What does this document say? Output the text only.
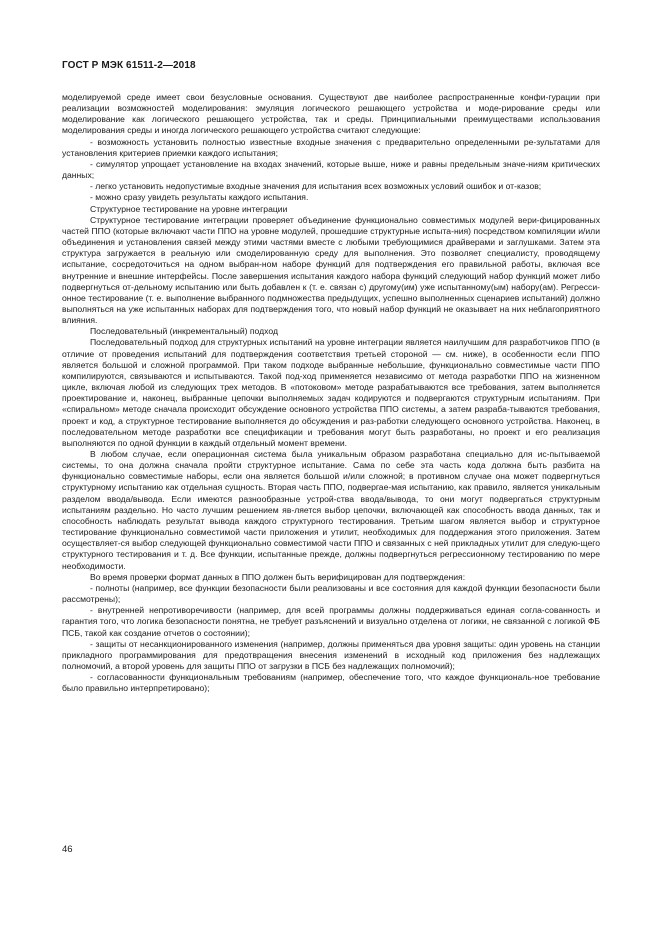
ГОСТ Р МЭК 61511-2—2018

моделируемой среде имеет свои безусловные основания. Существуют две наиболее распространенные конфи-гурации при реализации возможностей моделирования: эмуляция логического решающего устройства и моде-рирование среды или моделирование как логического решающего устройства, так и среды. Принципиальными преимуществами использования моделирования среды и иногда логического решающего устройства считают следующие:

- возможность установить полностью известные входные значения с предварительно определенными ре-зультатами для установления критериев приемки каждого испытания;

- симулятор упрощает установление на входах значений, которые выше, ниже и равны предельным значе-ниям критических данных;

- легко установить недопустимые входные значения для испытания всех возможных условий ошибок и от-казов;

- можно сразу увидеть результаты каждого испытания.

Структурное тестирование на уровне интеграции

Структурное тестирование интеграции проверяет объединение функционально совместимых модулей вери-фицированных частей ППО (которые включают части ППО на уровне модулей, прошедшие структурные испыта-ния) посредством компиляции и/или объединения и установления связей между этими частями вместе с любыми требующимися драйверами и заглушками. Затем эта структура загружается в реальную или смоделированную среду для выполнения. Это позволяет специалисту, проводящему испытание, сосредоточиться на одном выбран-ном наборе функций для подтверждения его правильной работы, включая все внутренние и внешние интерфейсы. После завершения испытания каждого набора функций следующий набор функций может либо подвергнуться от-дельному испытанию или быть добавлен к (т. е. связан с) другому(им) уже испытанному(ым) набору(ам). Регресси-онное тестирование (т. е. выполнение выбранного подмножества предыдущих, успешно выполненных сценариев испытаний) должно выполняться на уже испытанных наборах для подтверждения того, что новый набор функций не оказывает на них неблагоприятного влияния.

Последовательный (инкрементальный) подход

Последовательный подход для структурных испытаний на уровне интеграции является наилучшим для разработчиков ППО (в отличие от проведения испытаний для подтверждения соответствия третьей стороной — см. ниже), в особенности если ППО является большой и сложной программой. При таком подходе выбранные небольшие, функционально совместимые части ППО компилируются, связываются и испытываются. Такой под-ход применяется независимо от метода разработки ППО на жизненном цикле, включая любой из следующих трех методов. В «потоковом» методе разрабатываются все требования, затем выполняется проектирование и, наконец, выбранные цепочки выполняемых задач кодируются и подвергаются структурным испытаниям. При «спиральном» методе сначала происходит обсуждение основного устройства ППО системы, а затем разраба-тываются требования, проект и код, а структурное тестирование выполняется до обсуждения и раз-работки следующего основного устройства. Наконец, в последовательном методе разработки все спецификации и требования могут быть разработаны, но проект и его реализация выполняются по одной функции в каждый отдельный момент времени.

В любом случае, если операционная система была уникальным образом разработана специально для ис-пытываемой системы, то она должна сначала пройти структурное испытание. Сама по себе эта часть кода должна быть разбита на функционально совместимые наборы, если она является большой и/или сложной; в противном случае она может подвергнуться структурному испытанию как отдельная сущность. Вторая часть ППО, подвергае-мая испытанию, как правило, является уникальным разделом ввода/вывода. Если имеются разнообразные устрой-ства ввода/вывода, то они могут подвергаться структурным испытаниям раздельно. Но часто лучшим решением яв-ляется выбор цепочки, включающей как способность ввода данных, так и способность наблюдать результат вывода каждого структурного тестирования. Третьим шагом является выбор и структурное тестирование функционально совместимой части приложения и утилит, необходимых для поддержания этого приложения. Затем осуществляет-ся выбор следующей функционально совместимой части ППО и связанных с ней прикладных утилит для следую-щего структурного тестирования и т. д. Все функции, испытанные прежде, должны подвергнуться регрессионному тестированию по мере необходимости.

Во время проверки формат данных в ППО должен быть верифицирован для подтверждения:

- полноты (например, все функции безопасности были реализованы и все состояния для каждой функции безопасности были рассмотрены);

- внутренней непротиворечивости (например, для всей программы должны поддерживаться единая согла-сованность и гарантия того, что логика безопасности понятна, не требует разъяснений и визуально отделена от логики, не связанной с логикой ФБ ПСБ, такой как создание отчетов о состоянии);

- защиты от несанкционированного изменения (например, должны применяться два уровня защиты: один уровень на станции прикладного программирования для предотвращения внесения изменений в исходный код приложения без надлежащих полномочий, а второй уровень для защиты ППО от загрузки в ПСБ без надлежащих полномочий);

- согласованности функциональным требованиям (например, обеспечение того, что каждое функциональ-ное требование было правильно интерпретировано);

46
